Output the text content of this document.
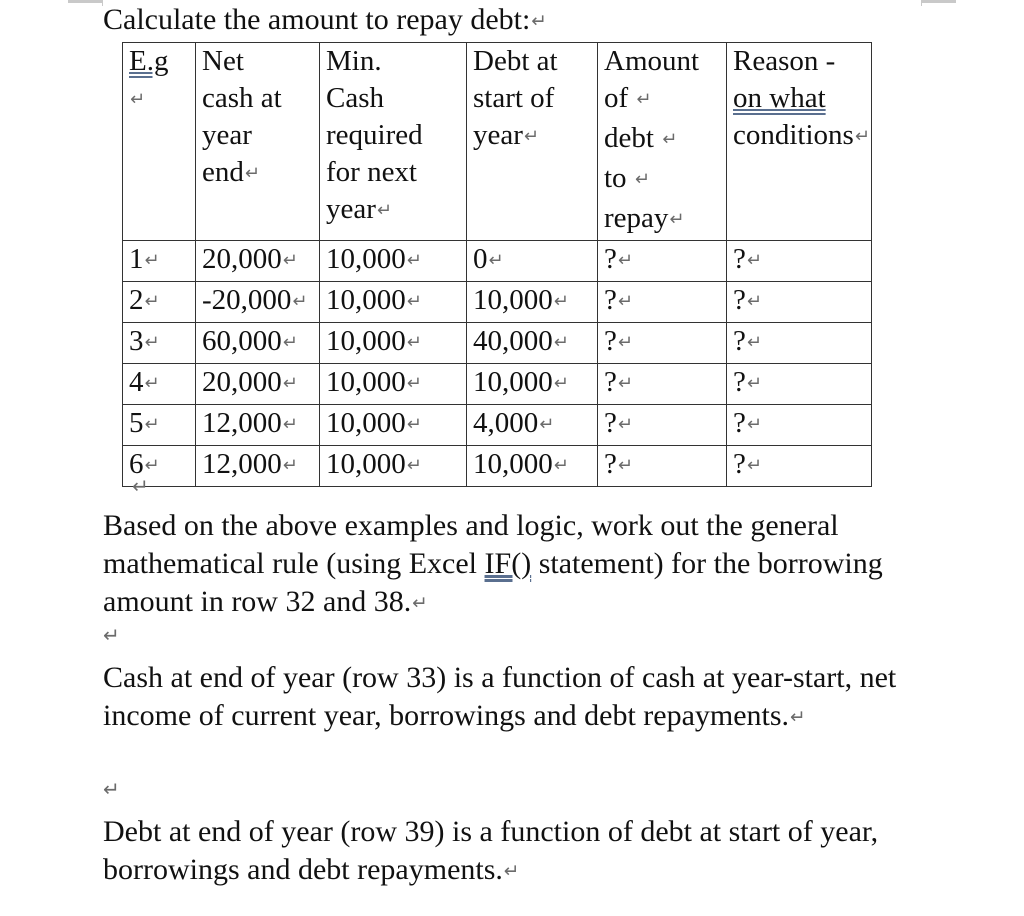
Calculate the amount to repay debt:↵
E.g
↵	Net
cash at
year
end↵	Min.
Cash
required
for next
year↵	Debt at
start of
year↵	Amount
of ↵
debt ↵
to ↵
repay↵	Reason -
on what
conditions↵
1↵	20,000↵	10,000↵	0↵	?↵	?↵
2↵	-20,000↵	10,000↵	10,000↵	?↵	?↵
3↵	60,000↵	10,000↵	40,000↵	?↵	?↵
4↵	20,000↵	10,000↵	10,000↵	?↵	?↵
5↵	12,000↵	10,000↵	4,000↵	?↵	?↵
6↵	12,000↵	10,000↵	10,000↵	?↵	?↵
↵
Based on the above examples and logic, work out the general mathematical rule (using Excel IF() statement) for the borrowing amount in row 32 and 38.↵
↵
Cash at end of year (row 33) is a function of cash at year-start, net income of current year, borrowings and debt repayments.↵
↵
Debt at end of year (row 39) is a function of debt at start of year, borrowings and debt repayments.↵
